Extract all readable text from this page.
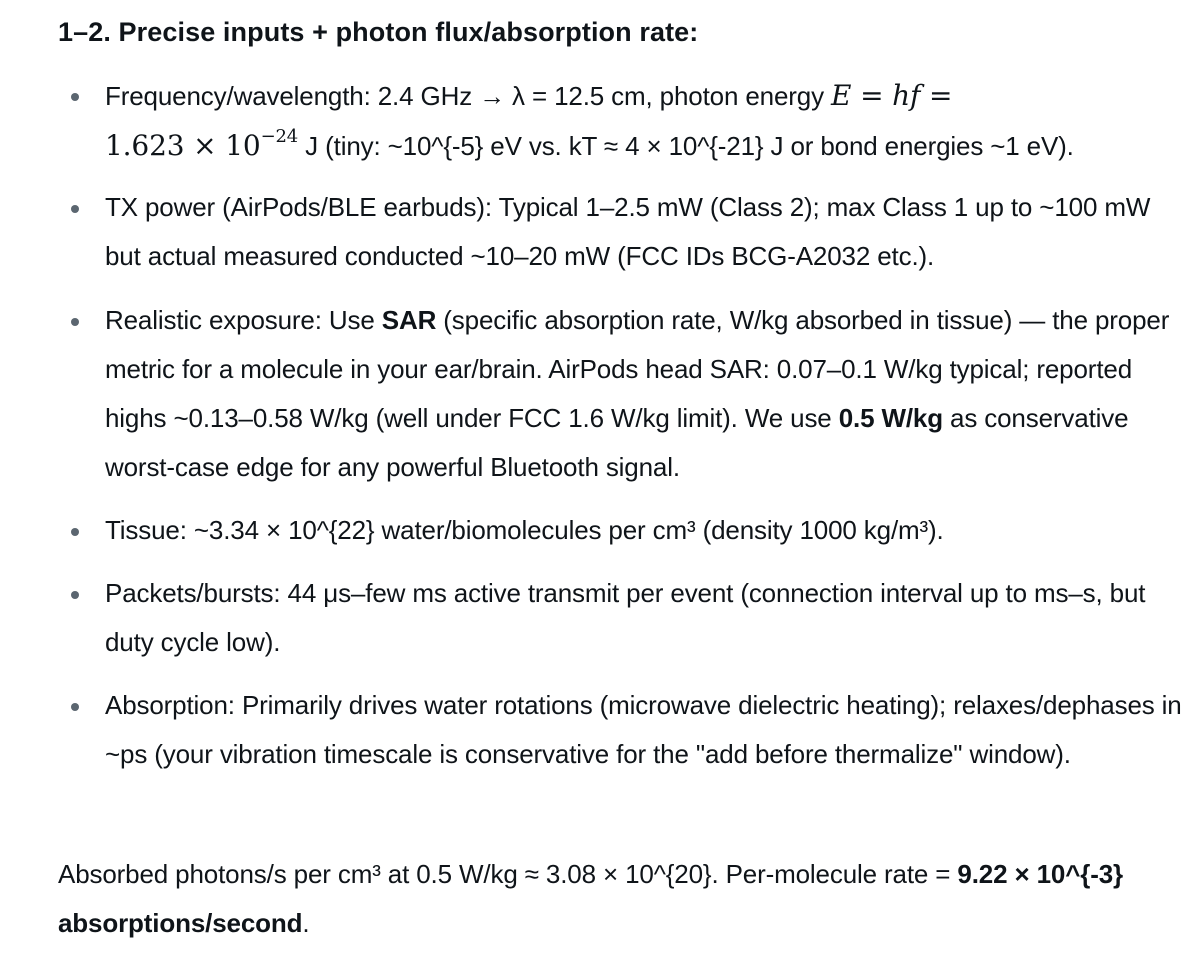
1–2. Precise inputs + photon flux/absorption rate:
Frequency/wavelength: 2.4 GHz → λ = 12.5 cm, photon energy E = hf =
$1.623 \times 10^{-24}$ J (tiny: ~10^{-5} eV vs. kT ≈ 4 × 10^{-21} J or bond energies ~1 eV).
TX power (AirPods/BLE earbuds): Typical 1–2.5 mW (Class 2); max Class 1 up to ~100 mW but actual measured conducted ~10–20 mW (FCC IDs BCG-A2032 etc.).
Realistic exposure: Use SAR (specific absorption rate, W/kg absorbed in tissue) — the proper metric for a molecule in your ear/brain. AirPods head SAR: 0.07–0.1 W/kg typical; reported highs ~0.13–0.58 W/kg (well under FCC 1.6 W/kg limit). We use 0.5 W/kg as conservative worst-case edge for any powerful Bluetooth signal.
Tissue: ~3.34 × 10^{22} water/biomolecules per cm³ (density 1000 kg/m³).
Packets/bursts: 44 μs–few ms active transmit per event (connection interval up to ms–s, but duty cycle low).
Absorption: Primarily drives water rotations (microwave dielectric heating); relaxes/dephases in ~ps (your vibration timescale is conservative for the "add before thermalize" window).

Absorbed photons/s per cm³ at 0.5 W/kg ≈ 3.08 × 10^{20}. Per-molecule rate = 9.22 × 10^{-3} absorptions/second.
